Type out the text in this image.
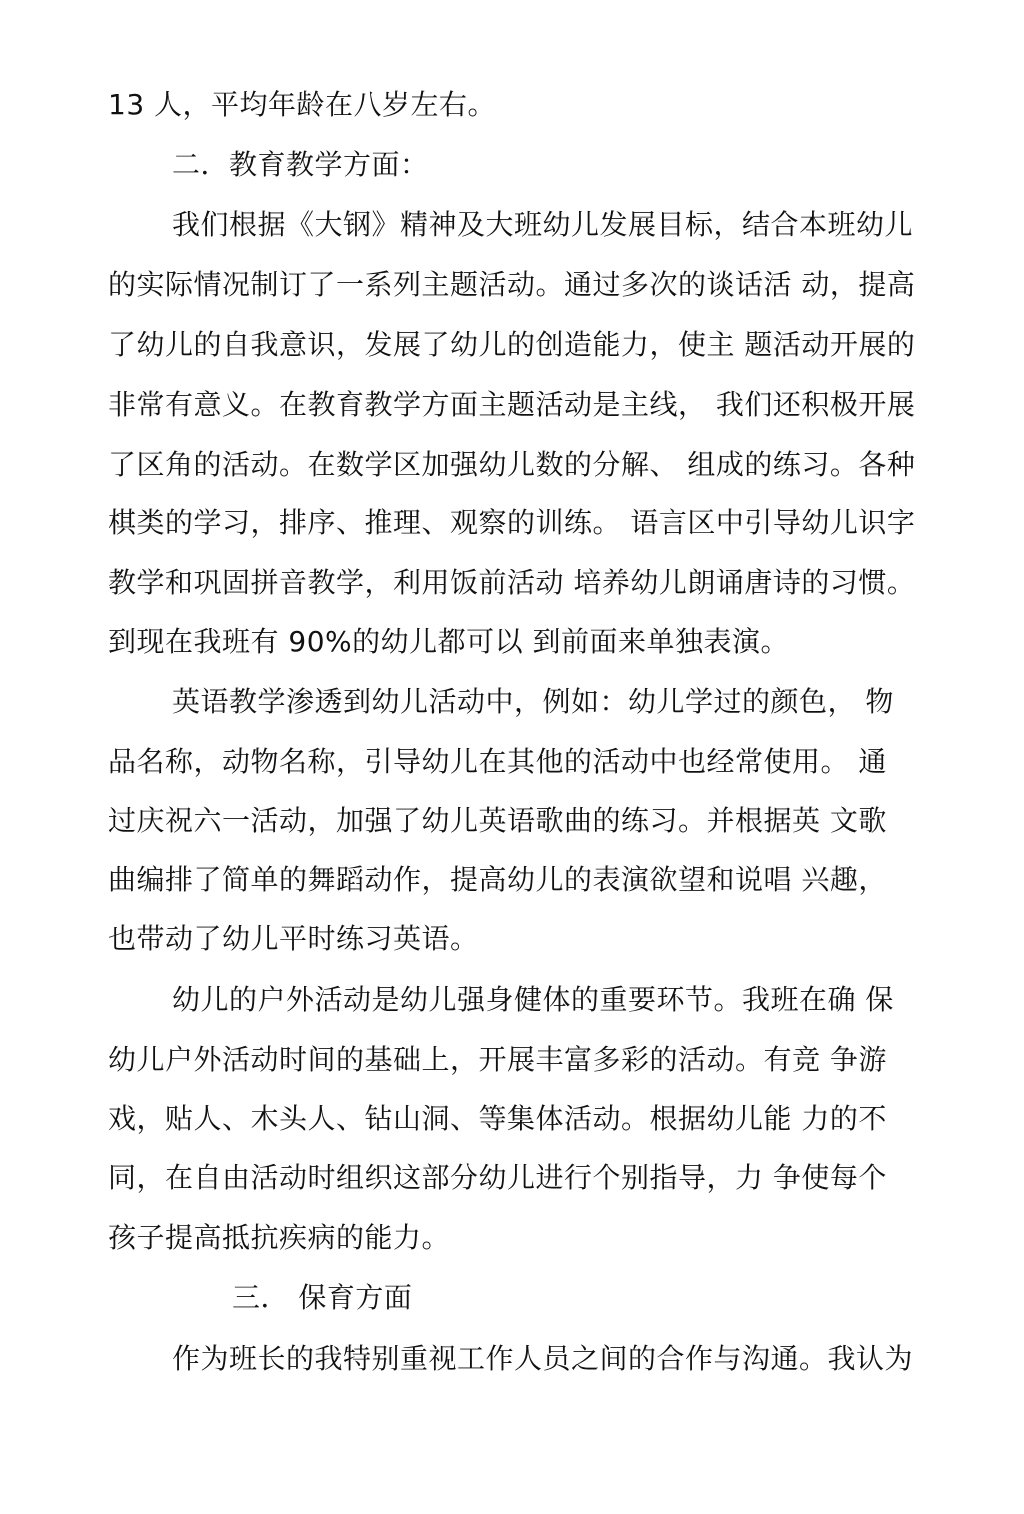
13 人，平均年龄在八岁左右。
二．教育教学方面：
我们根据《大钢》精神及大班幼儿发展目标，结合本班幼儿
的实际情况制订了一系列主题活动。通过多次的谈话活 动，提高
了幼儿的自我意识，发展了幼儿的创造能力，使主 题活动开展的
非常有意义。在教育教学方面主题活动是主线， 我们还积极开展
了区角的活动。在数学区加强幼儿数的分解、 组成的练习。各种
棋类的学习，排序、推理、观察的训练。 语言区中引导幼儿识字
教学和巩固拼音教学，利用饭前活动 培养幼儿朗诵唐诗的习惯。
到现在我班有 90%的幼儿都可以 到前面来单独表演。
英语教学渗透到幼儿活动中，例如：幼儿学过的颜色， 物
品名称，动物名称，引导幼儿在其他的活动中也经常使用。 通
过庆祝六一活动，加强了幼儿英语歌曲的练习。并根据英 文歌
曲编排了简单的舞蹈动作，提高幼儿的表演欲望和说唱 兴趣，
也带动了幼儿平时练习英语。
幼儿的户外活动是幼儿强身健体的重要环节。我班在确 保
幼儿户外活动时间的基础上，开展丰富多彩的活动。有竞 争游
戏，贴人、木头人、钻山洞、等集体活动。根据幼儿能 力的不
同，在自由活动时组织这部分幼儿进行个别指导，力 争使每个
孩子提高抵抗疾病的能力。
三． 保育方面
作为班长的我特别重视工作人员之间的合作与沟通。我认为
